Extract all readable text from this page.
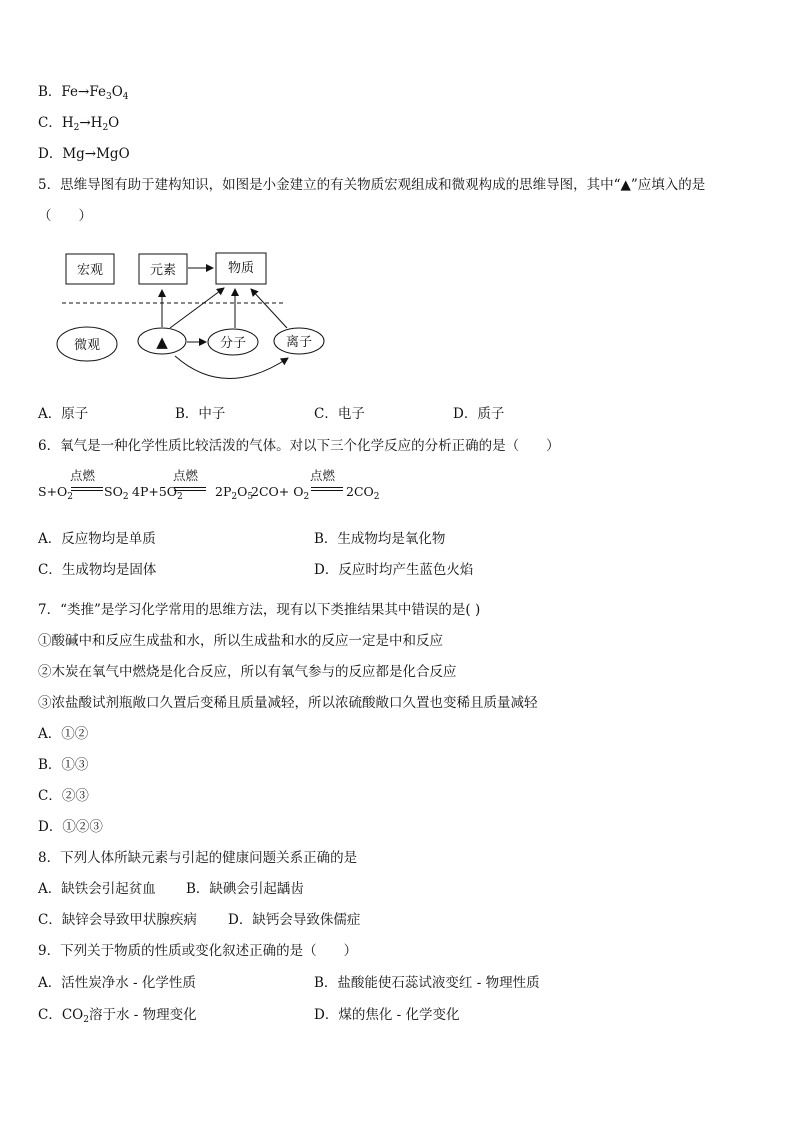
B．$Fe\to Fe_3O_4$
C．$H_2\to H_2O$
D．Mg→MgO
5．思维导图有助于建构知识，如图是小金建立的有关物质宏观组成和微观构成的思维导图，其中“▲”应填入的是
（　　）
宏观	元素	物质
微观	▲	分子	离子
A．原子	B．中子	C．电子	D．质子
6．氧气是一种化学性质比较活泼的气体。对以下三个化学反应的分析正确的是（　　）
$S+O_2$
点燃
$SO_2$ $4P+5O_2$
点燃
$2P_2O_5$
$2CO+ O_2$
点燃
$2CO_2$
A．反应物均是单质	B．生成物均是氧化物
C．生成物均是固体	D．反应时均产生蓝色火焰
7．“类推”是学习化学常用的思维方法，现有以下类推结果其中错误的是( )
①酸碱中和反应生成盐和水，所以生成盐和水的反应一定是中和反应
②木炭在氧气中燃烧是化合反应，所以有氧气参与的反应都是化合反应
③浓盐酸试剂瓶敞口久置后变稀且质量减轻，所以浓硫酸敞口久置也变稀且质量减轻
A．①②
B．①③
C．②③
D．①②③
8．下列人体所缺元素与引起的健康问题关系正确的是
A．缺铁会引起贫血 B．缺碘会引起龋齿
C．缺锌会导致甲状腺疾病 D．缺钙会导致侏儒症
9．下列关于物质的性质或变化叙述正确的是（　　）
A．活性炭净水 - 化学性质	B．盐酸能使石蕊试液变红 - 物理性质
C．$CO_2$溶于水 - 物理变化	D．煤的焦化 - 化学变化
